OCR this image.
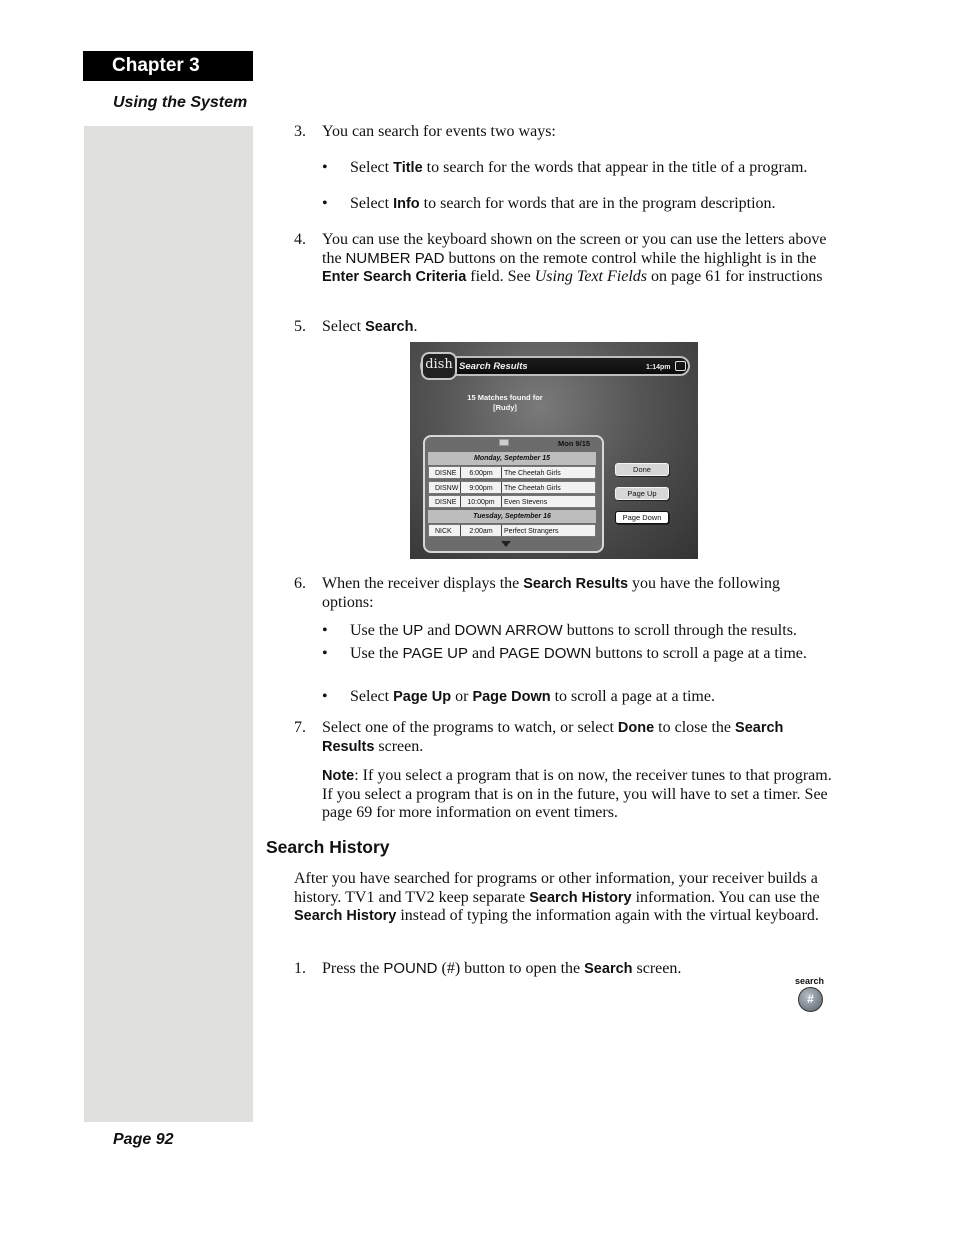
Chapter 3
Using the System
3. You can search for events two ways:
• Select Title to search for the words that appear in the title of a program.
• Select Info to search for words that are in the program description.
4. You can use the keyboard shown on the screen or you can use the letters above the NUMBER PAD buttons on the remote control while the highlight is in the Enter Search Criteria field. See Using Text Fields on page 61 for instructions
5. Select Search.
dish Search Results	1:14pm
15 Matches found for
[Rudy]
Mon 9/15
Monday, September 15
DISNE 6:00pm The Cheetah Girls
DISNW 9:00pm The Cheetah Girls
DISNE 10:00pm Even Stevens
Tuesday, September 16
NICK	2:00am Perfect Strangers
Done
Page Up
Page Down
6. When the receiver displays the Search Results you have the following options:
• Use the UP and DOWN ARROW buttons to scroll through the results.
• Use the PAGE UP and PAGE DOWN buttons to scroll a page at a time.
• Select Page Up or Page Down to scroll a page at a time.
7. Select one of the programs to watch, or select Done to close the Search Results screen.
Note: If you select a program that is on now, the receiver tunes to that program. If you select a program that is on in the future, you will have to set a timer. See page 69 for more information on event timers.
Search History
After you have searched for programs or other information, your receiver builds a history. TV1 and TV2 keep separate Search History information. You can use the Search History instead of typing the information again with the virtual keyboard.
1. Press the POUND (#) button to open the Search screen.
search
#
Page 92
